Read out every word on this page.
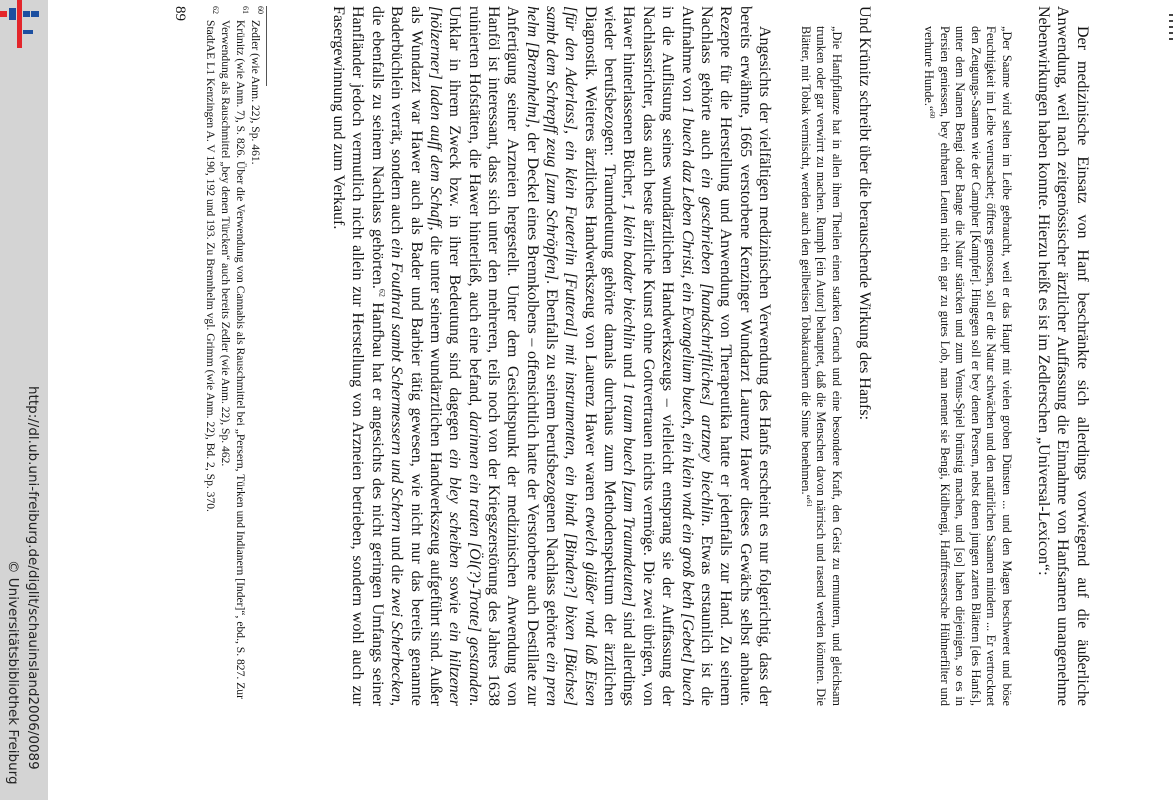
http://dl.ub.uni-freiburg.de/diglit/schauinsland2006/0089
© Universitätsbibliothek Freiburg	Der medizinische Einsatz von Hanf beschränkte sich allerdings vorwiegend auf die äußerliche Anwendung, weil nach zeitgenössischer ärztlicher Auffassung die Einnahme von Hanfsamen unangenehme Nebenwirkungen haben konnte. Hierzu heißt es ist im Zedlerschen „Universal-Lexicon“:

„Der Saame wird selten im Leibe gebraucht, weil er das Haupt mit vielen groben Dünsten ... und den Magen beschweret und böse Feuchtigkeit im Leibe verursachet; öffters genossen, soll er die Natur schwächen und den natürlichen Saamen mindern ... Er vertrocknet den Zeugungs-Saamen wie der Campher [Kampfer]. Hingegen soll er bey denen Persern, nebst denen jungen zarten Blättern [des Hanfs], unter dem Namen Bengi oder Bange die Natur stärcken und zum Venus-Spiel brünstig machen, und [so] haben diejenigen, so es in Persien geniessen, bey ehrbaren Leuten nicht ein gar zu gutes Lob, man nennet sie Bengi, Kidlbengi, Hanffressersche Hühnerfilter und verhurte Hunde.“$^{60}$

Und Krünitz schreibt über die berauschende Wirkung des Hanfs:

„Die Hanfpflanze hat in allen ihren Theilen einen starken Geruch und eine besondere Kraft, den Geist zu ermuntern, und gleichsam trunken oder gar verwirrt zu machen. Rumph [ein Autor] behauptet, daß die Menschen davon närrisch und rasend werden könnten. Die Blätter, mit Tobak vermischt, werden auch den geilbetisen Tobakrauchern die Sinne benehmen.“$^{61}$

Angesichts der vielfältigen medizinischen Verwendung des Hanfs erscheint es nur folgerichtig, dass der bereits erwähnte, 1665 verstorbene Kenzinger Wundarzt Laurenz Hawer dieses Gewächs selbst anbaute. Rezepte für die Herstellung und Anwendung von Therapeutika hatte er jedenfalls zur Hand. Zu seinem Nachlass gehörte auch ein geschrieben [handschriftliches] artzney biechlin. Etwas erstaunlich ist die Aufnahme von 1 buech daz Leben Christi, ein Evangelium buech, ein klein vndt ein groß beth [Gebet] buech in die Auflistung seines wundärztlichen Handwerkszeugs – vielleicht entsprang sie der Auffassung der Nachlassrichter, dass auch beste ärztliche Kunst ohne Gottvertrauen nichts vermöge. Die zwei übrigen, von Hawer hinterlassenen Bücher, 1 klein badter biechlin und 1 traum buech [zum Traumdeuten] sind allerdings wieder berufsbezogen: Traumdeutung gehörte damals durchaus zum Methodenspektrum der ärztlichen Diagnostik. Weiteres ärztliches Handwerkszeug von Laurenz Hawer waren etwelch gläßer vndt laß Eisen [für den Aderlass], ein klein Fueterlin [Futteral] mit instrumenten, ein bindt [Binden?] bixen [Büchse] sambt dem Schrepff zeug [zum Schröpfen]. Ebenfalls zu seinem berufsbezogenen Nachlass gehörte ein pren helm [Brennhelm], der Deckel eines Brennkolbens – offensichtlich hatte der Verstorbene auch Destillate zur Anfertigung seiner Arzneien hergestellt. Unter dem Gesichtspunkt der medizinischen Anwendung von Hanföl ist interessant, dass sich unter den mehreren, teils noch von der Kriegszerstörung des Jahres 1638 ruinierten Hofstätten, die Hawer hinterließ, auch eine befand, darinnen ein traten [Öl(?)-Trotte] gestanden. Unklar in ihrem Zweck bzw. in ihrer Bedeutung sind dagegen ein bley scheiben sowie ein hiltzener [hölzerner] laden auff dem Schaff, die unter seinem wundärztlichen Handwerkszeug aufgeführt sind. Außer als Wundarzt war Hawer auch als Bader und Barbier tätig gewesen, wie nicht nur das bereits genannte Baderbüchlein verrät, sondern auch ein Fouthral sambt Schermessern und Schern und die zwei Scherbecken, die ebenfalls zu seinem Nachlass gehörten.$^{62}$ Hanfbau hat er angesichts des nicht geringen Umfangs seiner Hanfländer jedoch vermutlich nicht allein zur Herstellung von Arzneien betrieben, sondern wohl auch zur Fasergewinnung und zum Verkauf.

60
Zedler (wie Anm. 22), Sp. 461.

61
Krünitz (wie Anm. 7), S. 826. Über die Verwendung von Cannabis als Rauschmittel bei „Persern, Türken und Indianern [Inder]“, ebd., S. 827. Zur Verwendung als Rauschmittel „bey denen Türcken“ auch bereits Zedler (wie Anm. 22), Sp. 462.

62
StadtAE L1 Kenzingen A. V 190, 192 und 193. Zu Brennhelm vgl. Grimm (wie Anm. 22), Bd. 2, Sp. 370.

89
